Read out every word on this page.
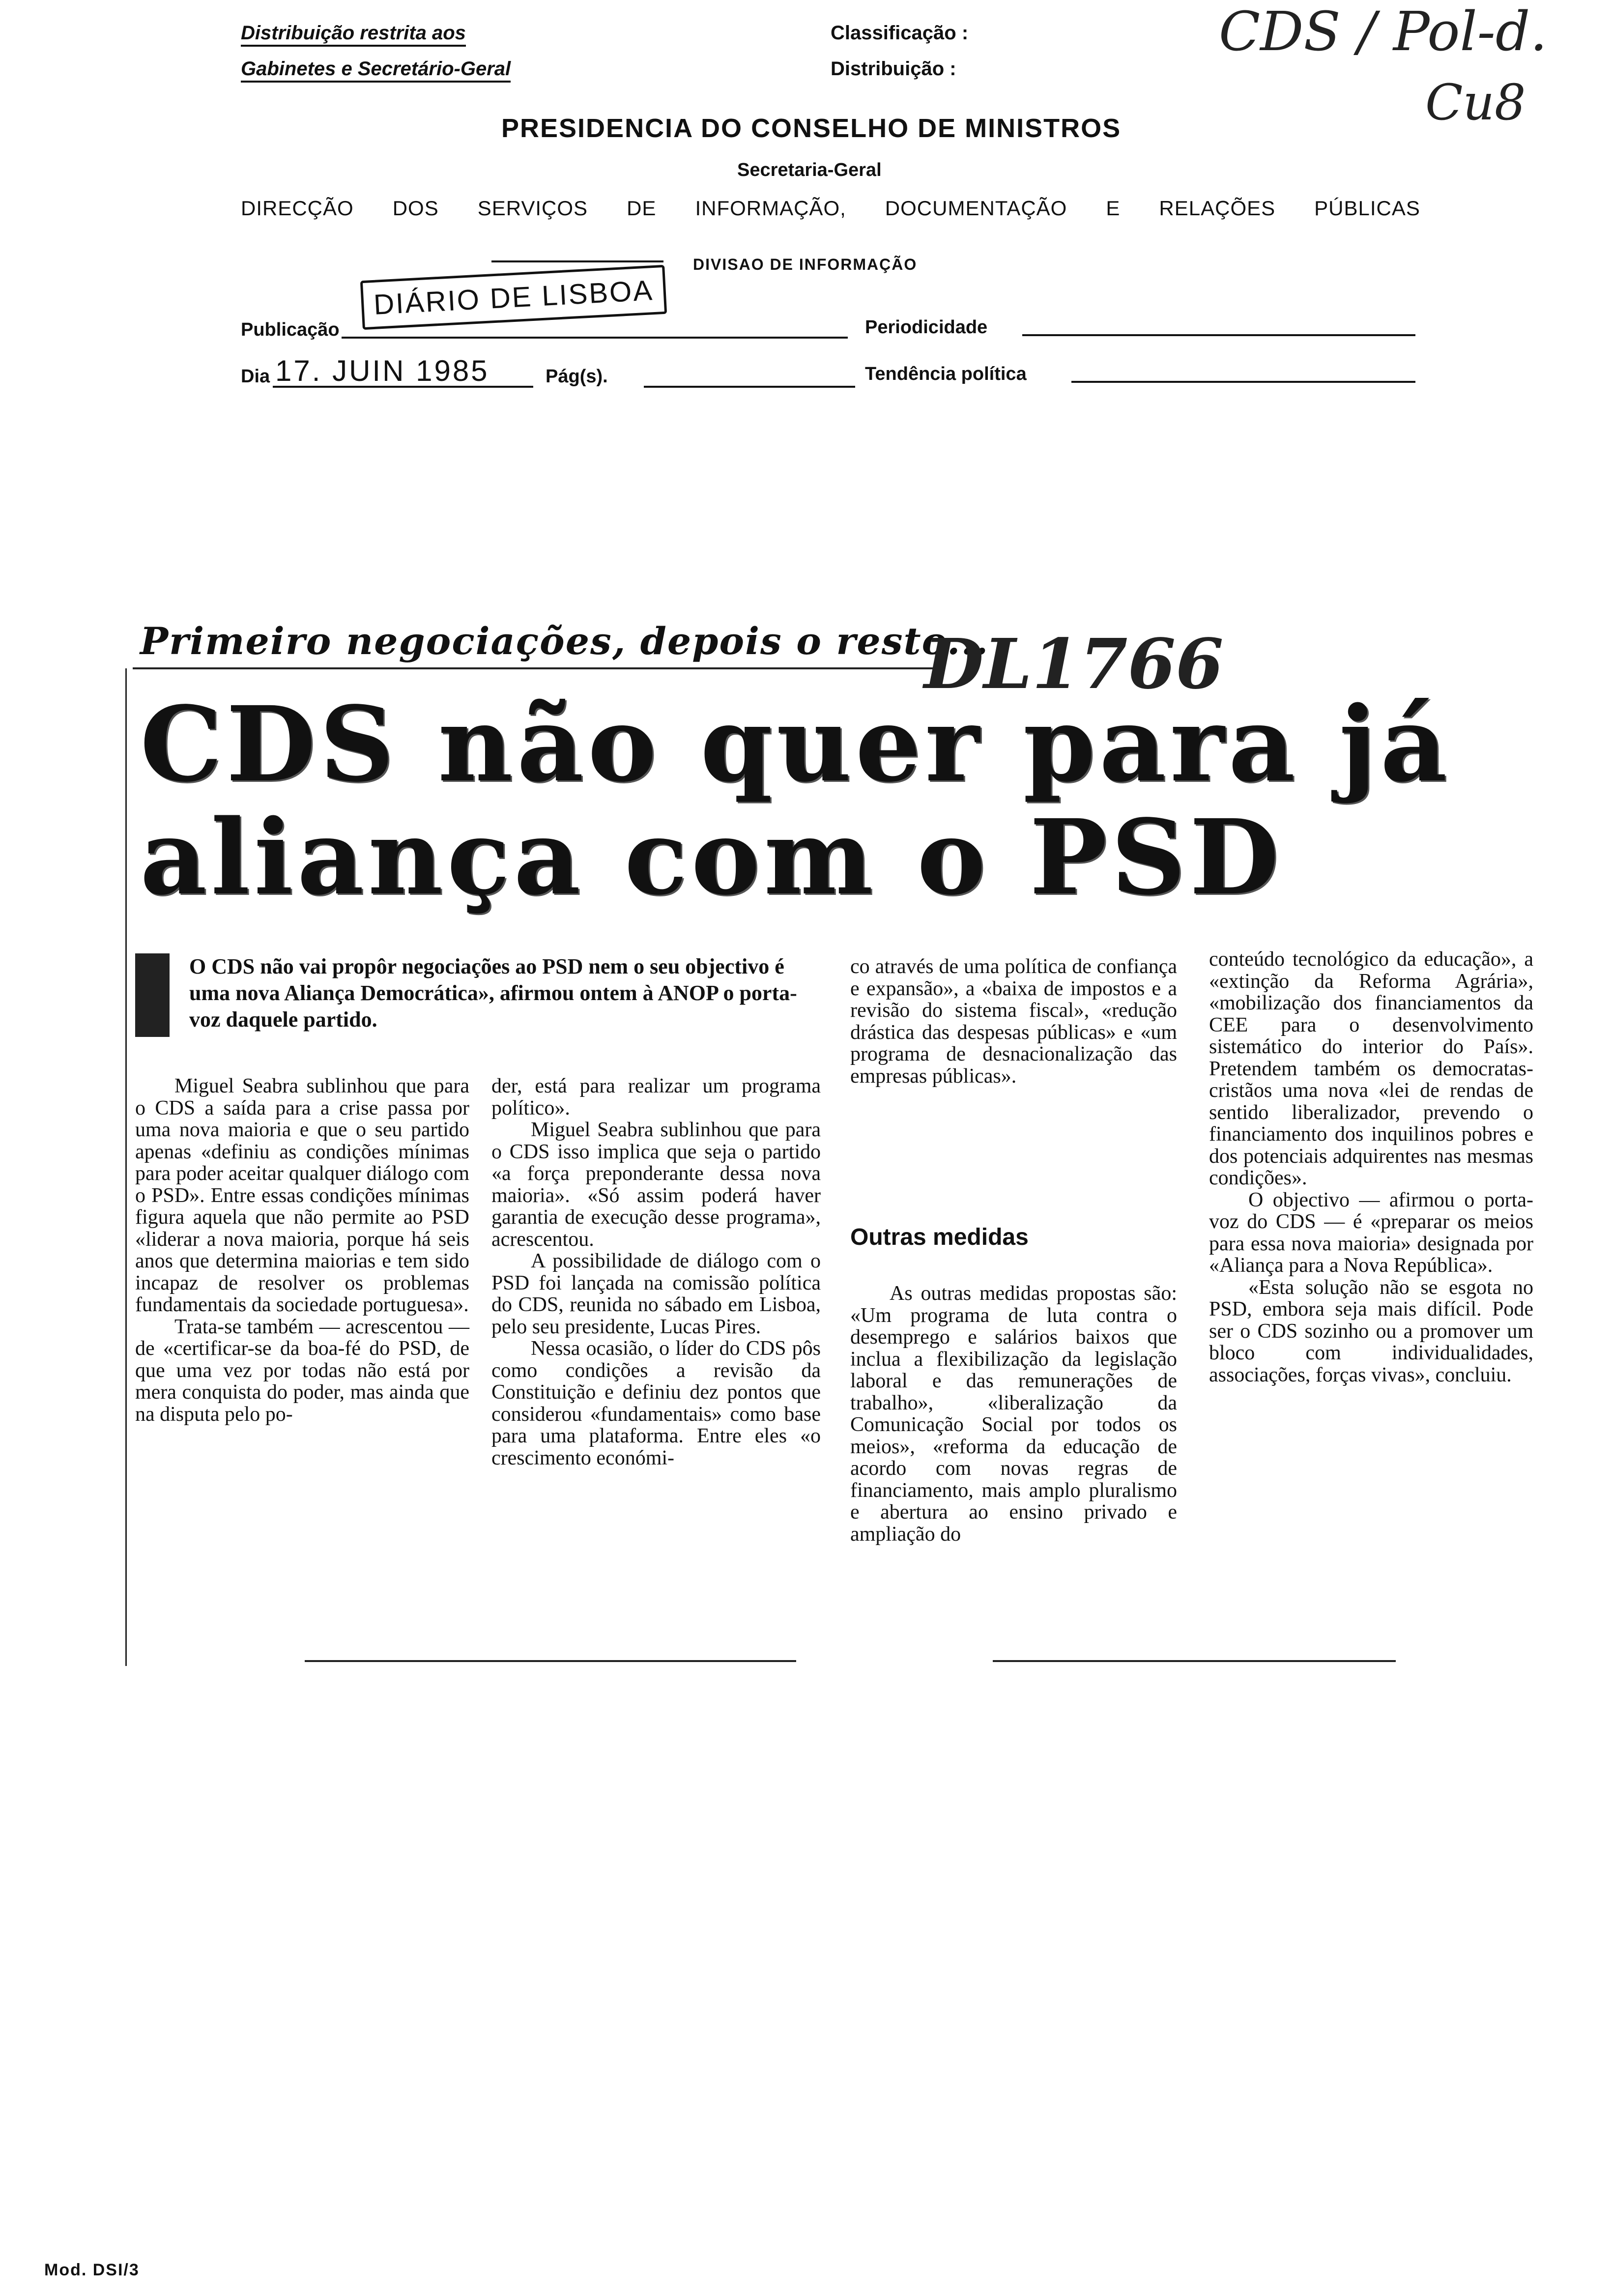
Distribuição restrita aos
Gabinetes e Secretário-Geral
Classificação :
Distribuição :
CDS / Pol-d.
Cu8
PRESIDENCIA DO CONSELHO DE MINISTROS
Secretaria-Geral
DIRECÇÃO DOS SERVIÇOS DE INFORMAÇÃO, DOCUMENTAÇÃO E RELAÇÕES PÚBLICAS
DIVISAO DE INFORMAÇÃO
Publicação
DIÁRIO DE LISBOA
Periodicidade
Dia 17. JUIN 1985	Pág(s).	Tendência política
Primeiro negociações, depois o resto...
DL1766
CDS não quer para já
aliança com o PSD
O CDS não vai propôr negociações ao PSD nem o seu objectivo é uma nova Aliança Democrática», afirmou ontem à ANOP o porta-voz daquele partido.

Miguel Seabra sublinhou que para o CDS a saída para a crise passa por uma nova maioria e que o seu partido apenas «definiu as condições mínimas para poder aceitar qualquer diálogo com o PSD». Entre essas condições mínimas figura aquela que não permite ao PSD «liderar a nova maioria, porque há seis anos que determina maiorias e tem sido incapaz de resolver os problemas fundamentais da sociedade portuguesa».

Trata-se também — acrescentou — de «certificar-se da boa-fé do PSD, de que uma vez por todas não está por mera conquista do poder, mas ainda que na disputa pelo po-

der, está para realizar um programa político».

Miguel Seabra sublinhou que para o CDS isso implica que seja o partido «a força preponderante dessa nova maioria». «Só assim poderá haver garantia de execução desse programa», acrescentou.

A possibilidade de diálogo com o PSD foi lançada na comissão política do CDS, reunida no sábado em Lisboa, pelo seu presidente, Lucas Pires.

Nessa ocasião, o líder do CDS pôs como condições a revisão da Constituição e definiu dez pontos que considerou «fundamentais» como base para uma plataforma. Entre eles «o crescimento económi-

co através de uma política de confiança e expansão», a «baixa de impostos e a revisão do sistema fiscal», «redução drástica das despesas públicas» e «um programa de desnacionalização das empresas públicas».

Outras medidas

As outras medidas propostas são: «Um programa de luta contra o desemprego e salários baixos que inclua a flexibilização da legislação laboral e das remunerações de trabalho», «liberalização da Comunicação Social por todos os meios», «reforma da educação de acordo com novas regras de financiamento, mais amplo pluralismo e abertura ao ensino privado e ampliação do

conteúdo tecnológico da educação», a «extinção da Reforma Agrária», «mobilização dos financiamentos da CEE para o desenvolvimento sistemático do interior do País». Pretendem também os democratas-cristãos uma nova «lei de rendas de sentido liberalizador, prevendo o financiamento dos inquilinos pobres e dos potenciais adquirentes nas mesmas condições».

O objectivo — afirmou o porta-voz do CDS — é «preparar os meios para essa nova maioria» designada por «Aliança para a Nova República».

«Esta solução não se esgota no PSD, embora seja mais difícil. Pode ser o CDS sozinho ou a promover um bloco com individualidades, associações, forças vivas», concluiu.

Mod. DSI/3
